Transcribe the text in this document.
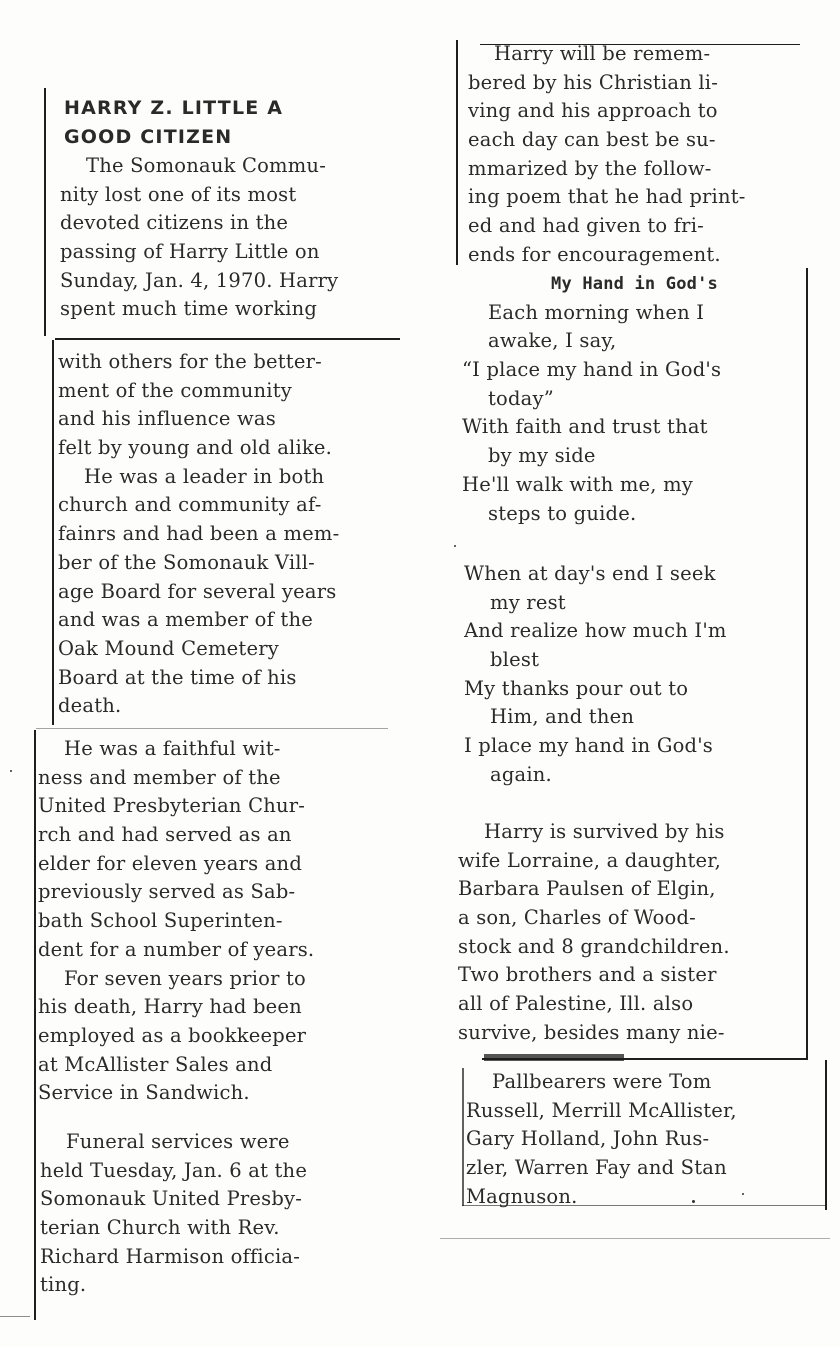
HARRY Z. LITTLE A
GOOD CITIZEN
The Somonauk Commu-
nity lost one of its most
devoted citizens in the
passing of Harry Little on
Sunday, Jan. 4, 1970. Harry
spent much time working
with others for the better-
ment of the community
and his influence was
felt by young and old alike.
He was a leader in both
church and community af-
fainrs and had been a mem-
ber of the Somonauk Vill-
age Board for several years
and was a member of the
Oak Mound Cemetery
Board at the time of his
death.
He was a faithful wit-
ness and member of the
United Presbyterian Chur-
rch and had served as an
elder for eleven years and
previously served as Sab-
bath School Superinten-
dent for a number of years.
For seven years prior to
his death, Harry had been
employed as a bookkeeper
at McAllister Sales and
Service in Sandwich.
Funeral services were
held Tuesday, Jan. 6 at the
Somonauk United Presby-
terian Church with Rev.
Richard Harmison officia-
ting.
Harry will be remem-
bered by his Christian li-
ving and his approach to
each day can best be su-
mmarized by the follow-
ing poem that he had print-
ed and had given to fri-
ends for encouragement.
My Hand in God's
Each morning when I
awake, I say,
“I place my hand in God's
today”
With faith and trust that
by my side
He'll walk with me, my
steps to guide.
When at day's end I seek
my rest
And realize how much I'm
blest
My thanks pour out to
Him, and then
I place my hand in God's
again.
Harry is survived by his
wife Lorraine, a daughter,
Barbara Paulsen of Elgin,
a son, Charles of Wood-
stock and 8 grandchildren.
Two brothers and a sister
all of Palestine, Ill. also
survive, besides many nie-
Pallbearers were Tom
Russell, Merrill McAllister,
Gary Holland, John Rus-
zler, Warren Fay and Stan
Magnuson.
